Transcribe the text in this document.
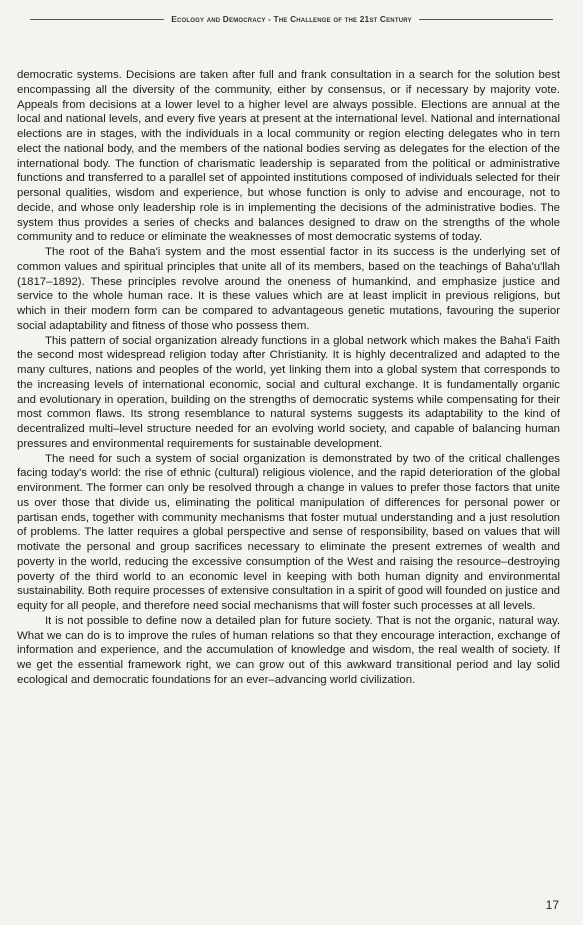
Ecology and Democracy - The Challenge of the 21st Century

democratic systems. Decisions are taken after full and frank consultation in a search for the solution best encompassing all the diversity of the community, either by consensus, or if necessary by majority vote. Appeals from decisions at a lower level to a higher level are always possible. Elections are annual at the local and national levels, and every five years at present at the international level. National and international elections are in stages, with the individuals in a local community or region electing delegates who in tern elect the national body, and the members of the national bodies serving as delegates for the election of the international body. The function of charismatic leadership is separated from the political or administrative functions and transferred to a parallel set of appointed institutions composed of individuals selected for their personal qualities, wisdom and experience, but whose function is only to advise and encourage, not to decide, and whose only leadership role is in implementing the decisions of the administrative bodies. The system thus provides a series of checks and balances designed to draw on the strengths of the whole community and to reduce or eliminate the weaknesses of most democratic systems of today.

The root of the Baha'i system and the most essential factor in its success is the underlying set of common values and spiritual principles that unite all of its members, based on the teachings of Baha'u'llah (1817–1892). These principles revolve around the oneness of humankind, and emphasize justice and service to the whole human race. It is these values which are at least implicit in previous religions, but which in their modern form can be compared to advantageous genetic mutations, favouring the superior social adaptability and fitness of those who possess them.

This pattern of social organization already functions in a global network which makes the Baha'i Faith the second most widespread religion today after Christianity. It is highly decentralized and adapted to the many cultures, nations and peoples of the world, yet linking them into a global system that corresponds to the increasing levels of international economic, social and cultural exchange. It is fundamentally organic and evolutionary in operation, building on the strengths of democratic systems while compensating for their most common flaws. Its strong resemblance to natural systems suggests its adaptability to the kind of decentralized multi–level structure needed for an evolving world society, and capable of balancing human pressures and environmental requirements for sustainable development.

The need for such a system of social organization is demonstrated by two of the critical challenges facing today's world: the rise of ethnic (cultural) religious violence, and the rapid deterioration of the global environment. The former can only be resolved through a change in values to prefer those factors that unite us over those that divide us, eliminating the political manipulation of differences for personal power or partisan ends, together with community mechanisms that foster mutual understanding and a just resolution of problems. The latter requires a global perspective and sense of responsibility, based on values that will motivate the personal and group sacrifices necessary to eliminate the present extremes of wealth and poverty in the world, reducing the excessive consumption of the West and raising the resource–destroying poverty of the third world to an economic level in keeping with both human dignity and environmental sustainability. Both require processes of extensive consultation in a spirit of good will founded on justice and equity for all people, and therefore need social mechanisms that will foster such processes at all levels.

It is not possible to define now a detailed plan for future society. That is not the organic, natural way. What we can do is to improve the rules of human relations so that they encourage interaction, exchange of information and experience, and the accumulation of knowledge and wisdom, the real wealth of society. If we get the essential framework right, we can grow out of this awkward transitional period and lay solid ecological and democratic foundations for an ever–advancing world civilization.

17
